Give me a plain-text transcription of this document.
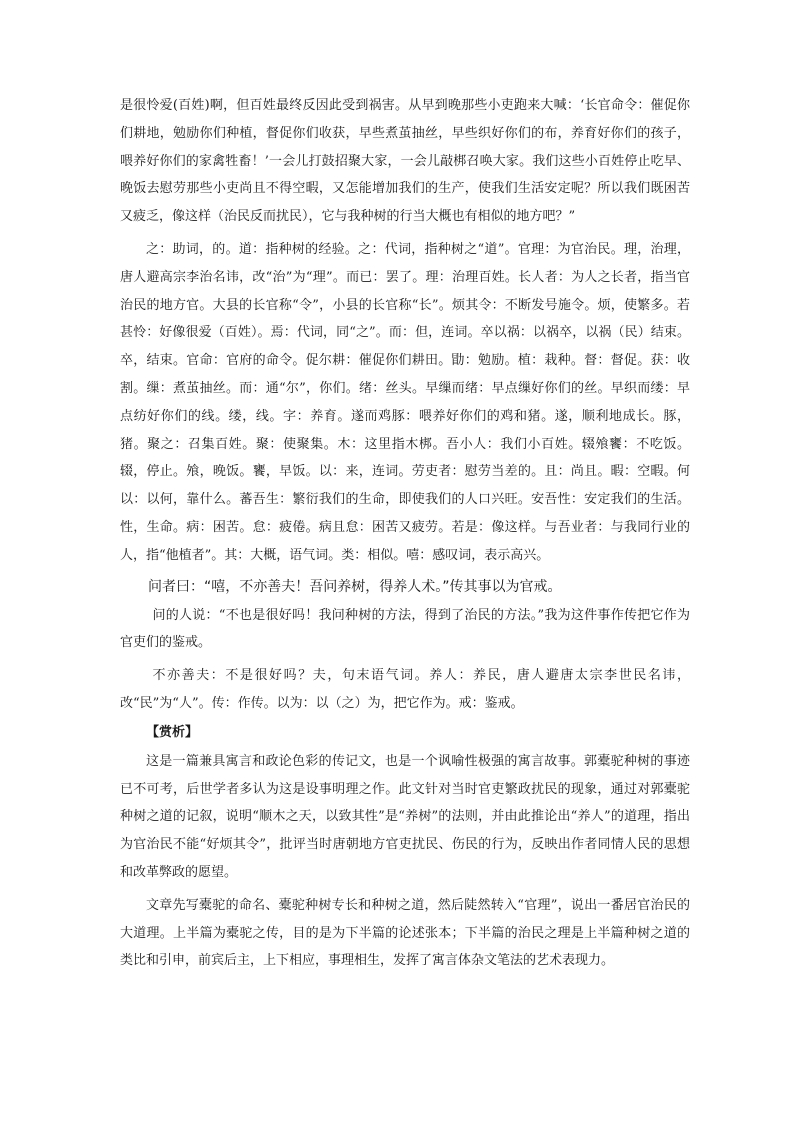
是很怜爱(百姓)啊，但百姓最终反因此受到祸害。从早到晚那些小吏跑来大喊：‘长官命令：催促你们耕地，勉励你们种植，督促你们收获，早些煮茧抽丝，早些织好你们的布，养育好你们的孩子，喂养好你们的家禽牲畜！’一会儿打鼓招聚大家，一会儿敲梆召唤大家。我们这些小百姓停止吃早、晚饭去慰劳那些小吏尚且不得空暇，又怎能增加我们的生产，使我们生活安定呢？所以我们既困苦又疲乏，像这样（治民反而扰民），它与我种树的行当大概也有相似的地方吧？”

之：助词，的。道：指种树的经验。之：代词，指种树之“道”。官理：为官治民。理，治理，唐人避高宗李治名讳，改“治”为“理”。而已：罢了。理：治理百姓。长人者：为人之长者，指当官治民的地方官。大县的长官称“令”，小县的长官称“长”。烦其令：不断发号施令。烦，使繁多。若甚怜：好像很爱（百姓）。焉：代词，同“之”。而：但，连词。卒以祸：以祸卒，以祸（民）结束。卒，结束。官命：官府的命令。促尔耕：催促你们耕田。勖：勉励。植：栽种。督：督促。获：收割。缫：煮茧抽丝。而：通“尔”，你们。绪：丝头。早缫而绪：早点缫好你们的丝。早织而缕：早点纺好你们的线。缕，线。字：养育。遂而鸡豚：喂养好你们的鸡和猪。遂，顺利地成长。豚，猪。聚之：召集百姓。聚：使聚集。木：这里指木梆。吾小人：我们小百姓。辍飧饔：不吃饭。辍，停止。飧，晚饭。饔，早饭。以：来，连词。劳吏者：慰劳当差的。且：尚且。暇：空暇。何以：以何，靠什么。蕃吾生：繁衍我们的生命，即使我们的人口兴旺。安吾性：安定我们的生活。性，生命。病：困苦。怠：疲倦。病且怠：困苦又疲劳。若是：像这样。与吾业者：与我同行业的人，指“他植者”。其：大概，语气词。类：相似。嘻：感叹词，表示高兴。

问者曰：“嘻，不亦善夫！吾问养树，得养人术。”传其事以为官戒。

问的人说：“不也是很好吗！我问种树的方法，得到了治民的方法。”我为这件事作传把它作为官吏们的鉴戒。

不亦善夫：不是很好吗？夫，句末语气词。养人：养民，唐人避唐太宗李世民名讳，改“民”为“人”。传：作传。以为：以（之）为，把它作为。戒：鉴戒。

【赏析】

这是一篇兼具寓言和政论色彩的传记文，也是一个讽喻性极强的寓言故事。郭橐驼种树的事迹已不可考，后世学者多认为这是设事明理之作。此文针对当时官吏繁政扰民的现象，通过对郭橐驼种树之道的记叙，说明“顺木之天，以致其性”是“养树”的法则，并由此推论出“养人”的道理，指出为官治民不能“好烦其令”，批评当时唐朝地方官吏扰民、伤民的行为，反映出作者同情人民的思想和改革弊政的愿望。

文章先写橐驼的命名、橐驼种树专长和种树之道，然后陡然转入“官理”，说出一番居官治民的大道理。上半篇为橐驼之传，目的是为下半篇的论述张本；下半篇的治民之理是上半篇种树之道的类比和引申，前宾后主，上下相应，事理相生，发挥了寓言体杂文笔法的艺术表现力。
